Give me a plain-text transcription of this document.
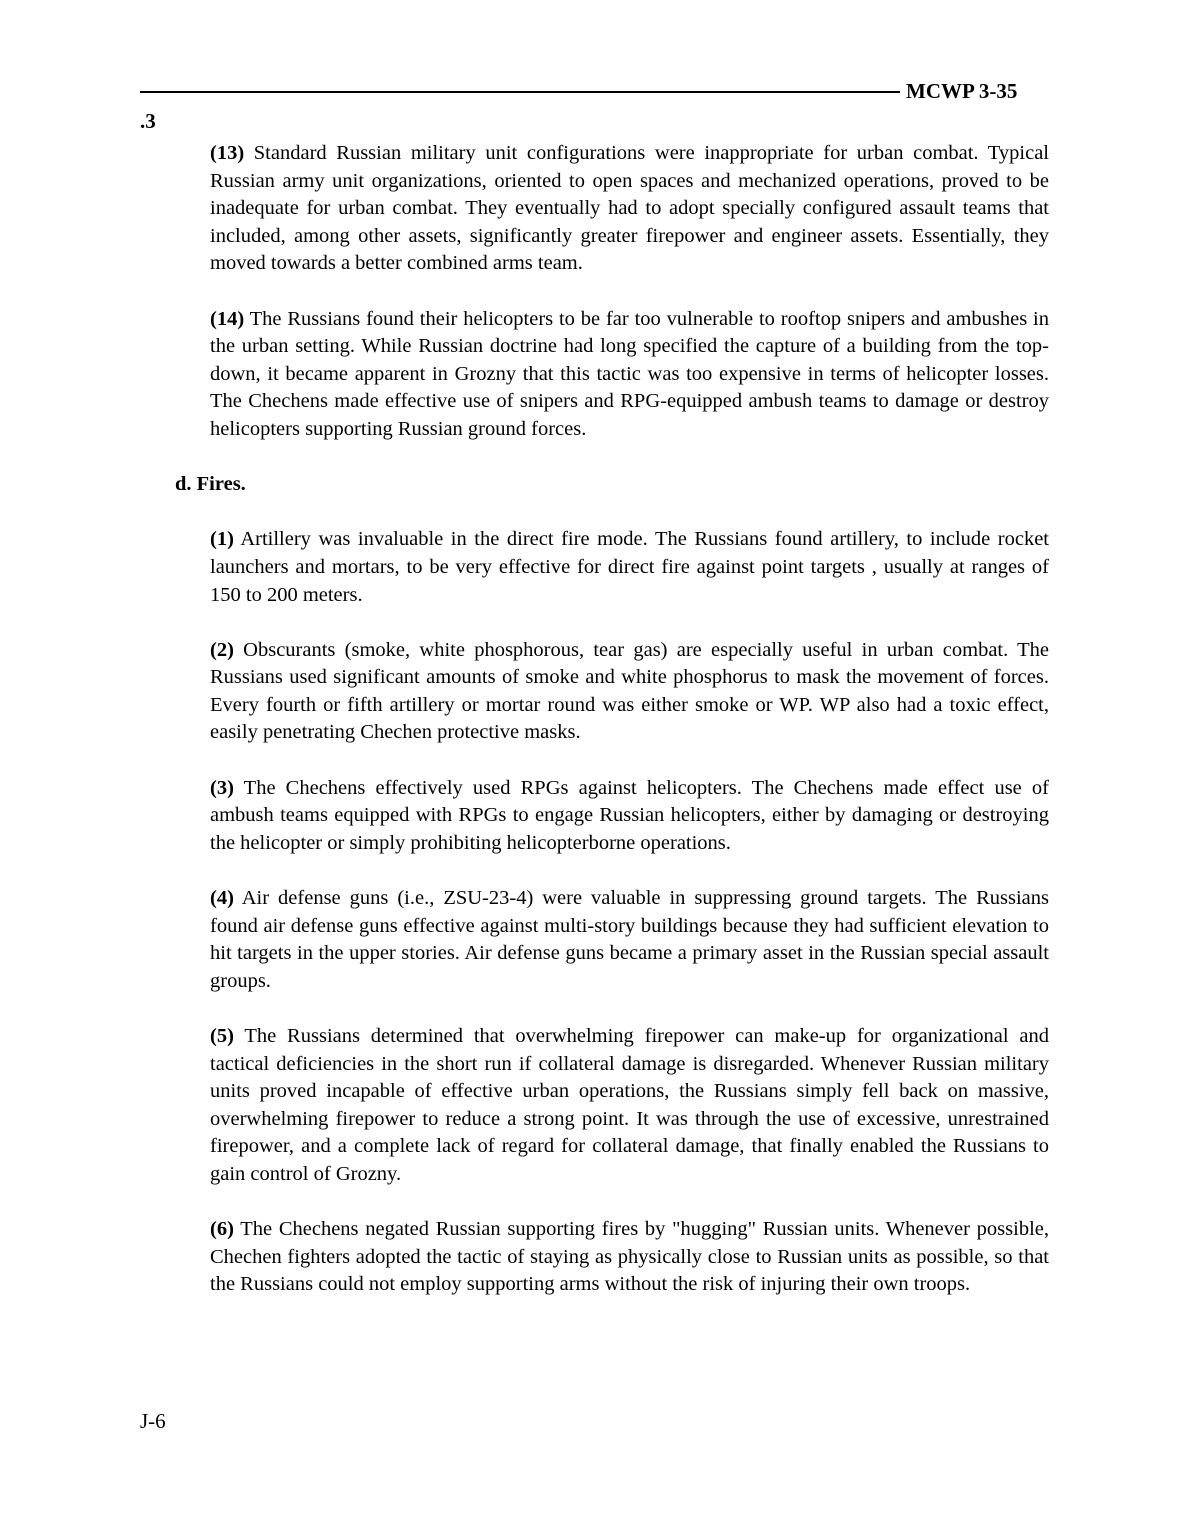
MCWP 3-35
.3

(13) Standard Russian military unit configurations were inappropriate for urban combat. Typical Russian army unit organizations, oriented to open spaces and mechanized operations, proved to be inadequate for urban combat. They eventually had to adopt specially configured assault teams that included, among other assets, significantly greater firepower and engineer assets. Essentially, they moved towards a better combined arms team.

(14) The Russians found their helicopters to be far too vulnerable to rooftop snipers and ambushes in the urban setting. While Russian doctrine had long specified the capture of a building from the top-down, it became apparent in Grozny that this tactic was too expensive in terms of helicopter losses. The Chechens made effective use of snipers and RPG-equipped ambush teams to damage or destroy helicopters supporting Russian ground forces.

d. Fires.

(1) Artillery was invaluable in the direct fire mode. The Russians found artillery, to include rocket launchers and mortars, to be very effective for direct fire against point targets , usually at ranges of 150 to 200 meters.

(2) Obscurants (smoke, white phosphorous, tear gas) are especially useful in urban combat. The Russians used significant amounts of smoke and white phosphorus to mask the movement of forces. Every fourth or fifth artillery or mortar round was either smoke or WP. WP also had a toxic effect, easily penetrating Chechen protective masks.

(3) The Chechens effectively used RPGs against helicopters. The Chechens made effect use of ambush teams equipped with RPGs to engage Russian helicopters, either by damaging or destroying the helicopter or simply prohibiting helicopterborne operations.

(4) Air defense guns (i.e., ZSU-23-4) were valuable in suppressing ground targets. The Russians found air defense guns effective against multi-story buildings because they had sufficient elevation to hit targets in the upper stories. Air defense guns became a primary asset in the Russian special assault groups.

(5) The Russians determined that overwhelming firepower can make-up for organizational and tactical deficiencies in the short run if collateral damage is disregarded. Whenever Russian military units proved incapable of effective urban operations, the Russians simply fell back on massive, overwhelming firepower to reduce a strong point. It was through the use of excessive, unrestrained firepower, and a complete lack of regard for collateral damage, that finally enabled the Russians to gain control of Grozny.

(6) The Chechens negated Russian supporting fires by "hugging" Russian units. Whenever possible, Chechen fighters adopted the tactic of staying as physically close to Russian units as possible, so that the Russians could not employ supporting arms without the risk of injuring their own troops.

J-6
